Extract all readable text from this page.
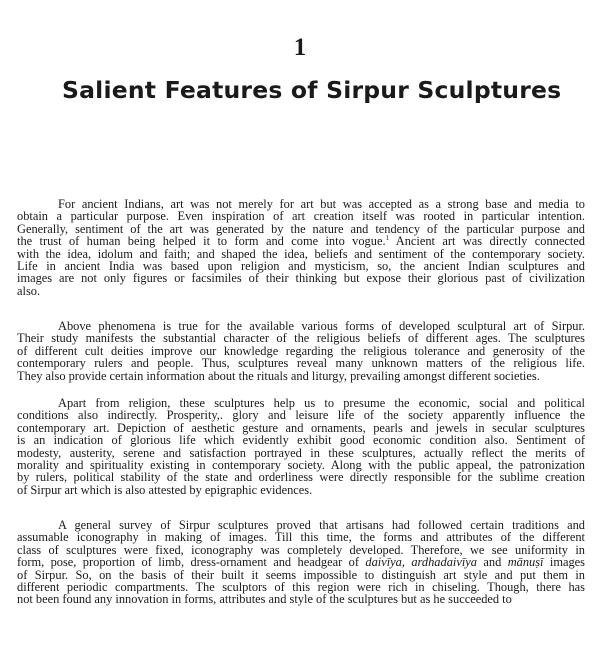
1
Salient Features of Sirpur Sculptures
For ancient Indians, art was not merely for art but was accepted as a strong base and media to
obtain a particular purpose. Even inspiration of art creation itself was rooted in particular intention.
Generally, sentiment of the art was generated by the nature and tendency of the particular purpose and
the trust of human being helped it to form and come into vogue.$^1$ Ancient art was directly connected
with the idea, idolum and faith; and shaped the idea, beliefs and sentiment of the contemporary society.
Life in ancient India was based upon religion and mysticism, so, the ancient Indian sculptures and
images are not only figures or facsimiles of their thinking but expose their glorious past of civilization
also.
Above phenomena is true for the available various forms of developed sculptural art of Sirpur.
Their study manifests the substantial character of the religious beliefs of different ages. The sculptures
of different cult deities improve our knowledge regarding the religious tolerance and generosity of the
contemporary rulers and people. Thus, sculptures reveal many unknown matters of the religious life.
They also provide certain information about the rituals and liturgy, prevailing amongst different societies.
Apart from religion, these sculptures help us to presume the economic, social and political
conditions also indirectly. Prosperity,. glory and leisure life of the society apparently influence the
contemporary art. Depiction of aesthetic gesture and ornaments, pearls and jewels in secular sculptures
is an indication of glorious life which evidently exhibit good economic condition also. Sentiment of
modesty, austerity, serene and satisfaction portrayed in these sculptures, actually reflect the merits of
morality and spirituality existing in contemporary society. Along with the public appeal, the patronization
by rulers, political stability of the state and orderliness were directly responsible for the sublime creation
of Sirpur art which is also attested by epigraphic evidences.
A general survey of Sirpur sculptures proved that artisans had followed certain traditions and
assumable iconography in making of images. Till this time, the forms and attributes of the different
class of sculptures were fixed, iconography was completely developed. Therefore, we see uniformity in
form, pose, proportion of limb, dress-ornament and headgear of daivīya, ardhadaivīya and mānuṣī images
of Sirpur. So, on the basis of their built it seems impossible to distinguish art style and put them in
different periodic compartments. The sculptors of this region were rich in chiseling. Though, there has
not been found any innovation in forms, attributes and style of the sculptures but as he succeeded to
